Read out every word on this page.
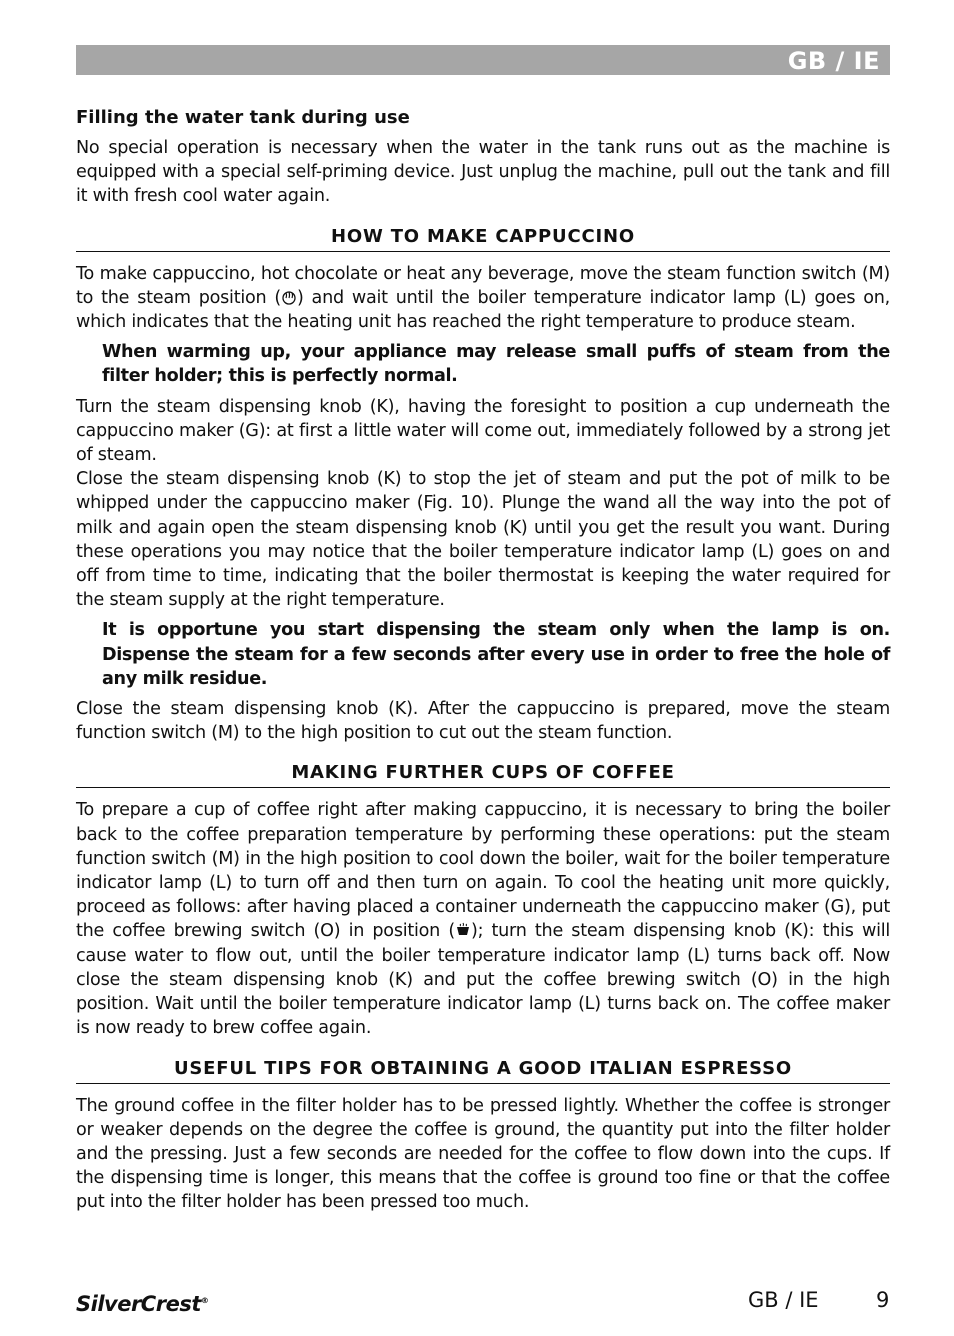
GB / IE
Filling the water tank during use

No special operation is necessary when the water in the tank runs out as the machine is equipped with a special self-priming device. Just unplug the machine, pull out the tank and fill it with fresh cool water again.

HOW TO MAKE CAPPUCCINO

To make cappuccino, hot chocolate or heat any beverage, move the steam function switch (M) to the steam position ( ) and wait until the boiler temperature indicator lamp (L) goes on, which indicates that the heating unit has reached the right temperature to produce steam.

When warming up, your appliance may release small puffs of steam from the filter holder; this is perfectly normal.

Turn the steam dispensing knob (K), having the foresight to position a cup underneath the cappuccino maker (G): at first a little water will come out, immediately followed by a strong jet of steam.

Close the steam dispensing knob (K) to stop the jet of steam and put the pot of milk to be whipped under the cappuccino maker (Fig. 10). Plunge the wand all the way into the pot of milk and again open the steam dispensing knob (K) until you get the result you want. During these operations you may notice that the boiler temperature indicator lamp (L) goes on and off from time to time, indicating that the boiler thermostat is keeping the water required for the steam supply at the right temperature.

It is opportune you start dispensing the steam only when the lamp is on. Dispense the steam for a few seconds after every use in order to free the hole of any milk residue.

Close the steam dispensing knob (K). After the cappuccino is prepared, move the steam function switch (M) to the high position to cut out the steam function.

MAKING FURTHER CUPS OF COFFEE

To prepare a cup of coffee right after making cappuccino, it is necessary to bring the boiler back to the coffee preparation temperature by performing these operations: put the steam function switch (M) in the high position to cool down the boiler, wait for the boiler temperature indicator lamp (L) to turn off and then turn on again. To cool the heating unit more quickly, proceed as follows: after having placed a container underneath the cappuccino maker (G), put the coffee brewing switch (O) in position ( ); turn the steam dispensing knob (K): this will cause water to flow out, until the boiler temperature indicator lamp (L) turns back off. Now close the steam dispensing knob (K) and put the coffee brewing switch (O) in the high position. Wait until the boiler temperature indicator lamp (L) turns back on. The coffee maker is now ready to brew coffee again.

USEFUL TIPS FOR OBTAINING A GOOD ITALIAN ESPRESSO

The ground coffee in the filter holder has to be pressed lightly. Whether the coffee is stronger or weaker depends on the degree the coffee is ground, the quantity put into the filter holder and the pressing. Just a few seconds are needed for the coffee to flow down into the cups. If the dispensing time is longer, this means that the coffee is ground too fine or that the coffee put into the filter holder has been pressed too much.

SilverCrest®	GB / IE	9
